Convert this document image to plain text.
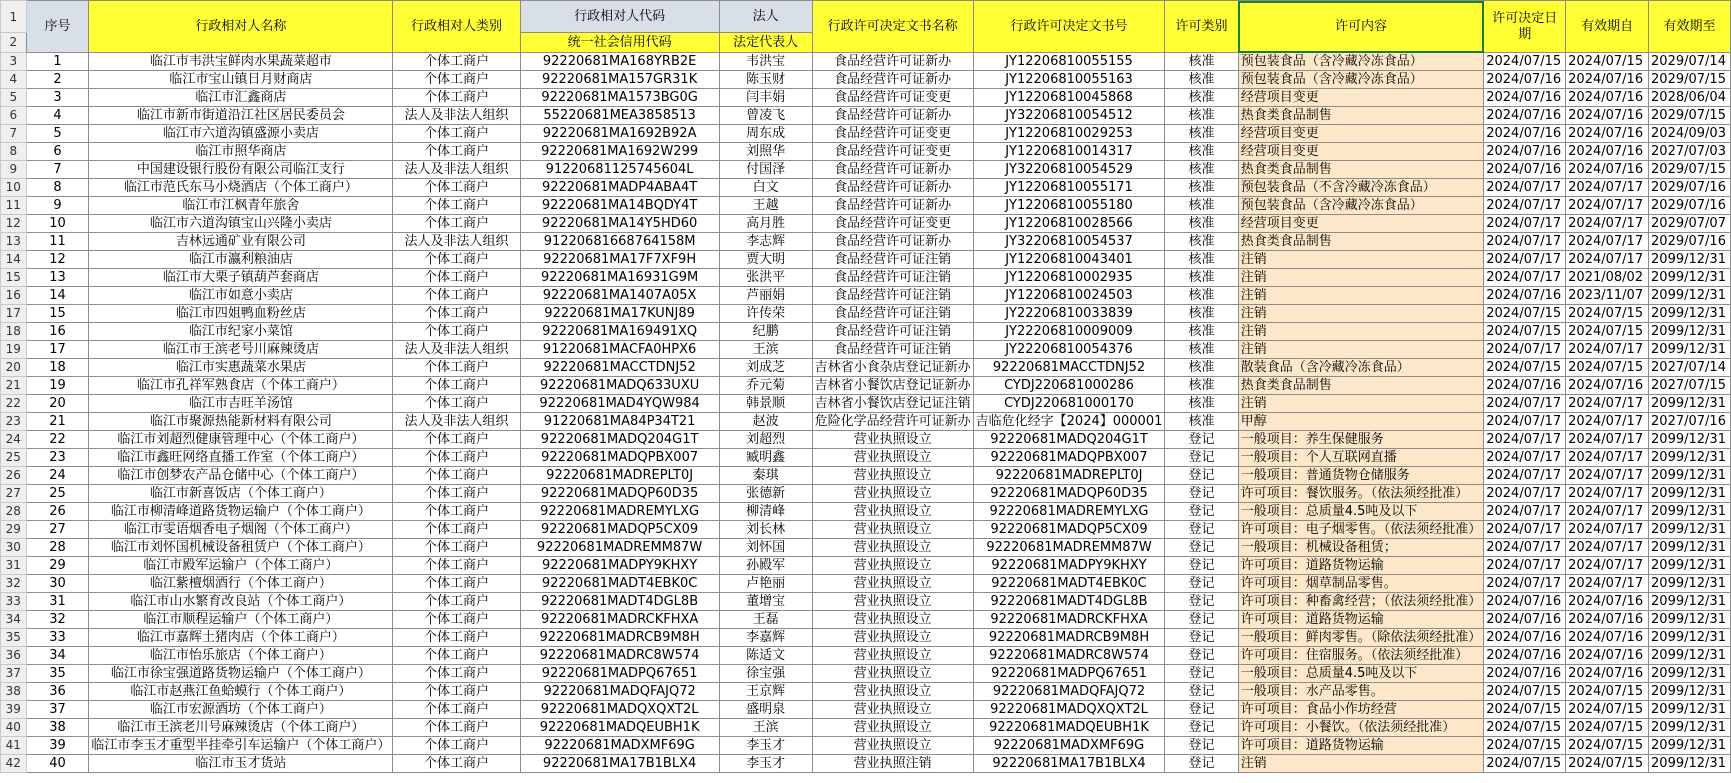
1	序号	行政相对人名称	行政相对人类别	行政相对人代码	法人	行政许可决定文书名称	行政许可决定文书号	许可类别	许可内容	许可决定日期	有效期自	有效期至
2				统一社会信用代码	法定代表人							
3	1	临江市韦洪宝鲜肉水果蔬菜超市	个体工商户	92220681MA168YRB2E	韦洪宝	食品经营许可证新办	JY12206810055155	核准	预包装食品（含冷藏冷冻食品）	2024/07/15	2024/07/15	2029/07/14
4	2	临江市宝山镇日月财商店	个体工商户	92220681MA157GR31K	陈玉财	食品经营许可证新办	JY12206810055163	核准	预包装食品（含冷藏冷冻食品）	2024/07/16	2024/07/16	2029/07/15
5	3	临江市汇鑫商店	个体工商户	92220681MA1573BG0G	闫丰娟	食品经营许可证变更	JY12206810045868	核准	经营项目变更	2024/07/16	2024/07/16	2028/06/04
6	4	临江市新市街道沿江社区居民委员会	法人及非法人组织	55220681MEA3858513	曾凌飞	食品经营许可证新办	JY32206810054512	核准	热食类食品制售	2024/07/16	2024/07/16	2029/07/15
7	5	临江市六道沟镇盛源小卖店	个体工商户	92220681MA1692B92A	周东成	食品经营许可证变更	JY12206810029253	核准	经营项目变更	2024/07/16	2024/07/16	2024/09/03
8	6	临江市照华商店	个体工商户	92220681MA1692W299	刘照华	食品经营许可证变更	JY12206810014317	核准	经营项目变更	2024/07/16	2024/07/16	2027/07/03
9	7	中国建设银行股份有限公司临江支行	法人及非法人组织	91220681125745604L	付国泽	食品经营许可证新办	JY32206810054529	核准	热食类食品制售	2024/07/16	2024/07/16	2029/07/15
10	8	临江市范氏东马小烧酒店（个体工商户）	个体工商户	92220681MADP4ABA4T	白文	食品经营许可证新办	JY12206810055171	核准	预包装食品（不含冷藏冷冻食品）	2024/07/17	2024/07/17	2029/07/16
11	9	临江市江枫青年旅舍	个体工商户	92220681MA14BQDY4T	王越	食品经营许可证新办	JY12206810055180	核准	预包装食品（含冷藏冷冻食品）	2024/07/17	2024/07/17	2029/07/16
12	10	临江市六道沟镇宝山兴隆小卖店	个体工商户	92220681MA14Y5HD60	高月胜	食品经营许可证变更	JY12206810028566	核准	经营项目变更	2024/07/17	2024/07/17	2029/07/07
13	11	吉林远通矿业有限公司	法人及非法人组织	91220681668764158M	李志辉	食品经营许可证新办	JY32206810054537	核准	热食类食品制售	2024/07/17	2024/07/17	2029/07/16
14	12	临江市瀛利粮油店	个体工商户	92220681MA17F7XF9H	贾大明	食品经营许可证注销	JY12206810043401	核准	注销	2024/07/17	2024/07/17	2099/12/31
15	13	临江市大栗子镇葫芦套商店	个体工商户	92220681MA16931G9M	张洪平	食品经营许可证注销	JY12206810002935	核准	注销	2024/07/17	2021/08/02	2099/12/31
16	14	临江市如意小卖店	个体工商户	92220681MA1407A05X	芦丽娟	食品经营许可证注销	JY12206810024503	核准	注销	2024/07/16	2023/11/07	2099/12/31
17	15	临江市四姐鸭血粉丝店	个体工商户	92220681MA17KUNJ89	许传荣	食品经营许可证注销	JY22206810033839	核准	注销	2024/07/15	2024/07/15	2099/12/31
18	16	临江市纪家小菜馆	个体工商户	92220681MA169491XQ	纪鹏	食品经营许可证注销	JY22206810009009	核准	注销	2024/07/15	2024/07/15	2099/12/31
19	17	临江市王滨老号川麻辣烫店	法人及非法人组织	91220681MACFA0HPX6	王滨	食品经营许可证注销	JY22206810054376	核准	注销	2024/07/17	2024/07/17	2099/12/31
20	18	临江市实惠蔬菜水果店	个体工商户	92220681MACCTDNJ52	刘成芝	吉林省小食杂店登记证新办	92220681MACCTDNJ52	核准	散装食品（含冷藏冷冻食品）	2024/07/15	2024/07/15	2027/07/14
21	19	临江市孔祥军熟食店（个体工商户）	个体工商户	92220681MADQ633UXU	乔元菊	吉林省小餐饮店登记证新办	CYDJ220681000286	核准	热食类食品制售	2024/07/16	2024/07/16	2027/07/15
22	20	临江市吉旺羊汤馆	个体工商户	92220681MAD4YQW984	韩景顺	吉林省小餐饮店登记证注销	CYDJ220681000170	核准	注销	2024/07/17	2024/07/17	2099/12/31
23	21	临江市聚源热能新材料有限公司	法人及非法人组织	91220681MA84P34T21	赵波	危险化学品经营许可证新办	吉临危化经字【2024】000001	核准	甲醇	2024/07/17	2024/07/17	2027/07/16
24	22	临江市刘超烈健康管理中心（个体工商户）	个体工商户	92220681MADQ204G1T	刘超烈	营业执照设立	92220681MADQ204G1T	登记	一般项目：养生保健服务	2024/07/17	2024/07/17	2099/12/31
25	23	临江市鑫旺网络直播工作室（个体工商户）	个体工商户	92220681MADQPBX007	臧明鑫	营业执照设立	92220681MADQPBX007	登记	一般项目：个人互联网直播	2024/07/17	2024/07/17	2099/12/31
26	24	临江市创梦农产品仓储中心（个体工商户）	个体工商户	92220681MADREPLT0J	秦琪	营业执照设立	92220681MADREPLT0J	登记	一般项目：普通货物仓储服务	2024/07/17	2024/07/17	2099/12/31
27	25	临江市新喜饭店（个体工商户）	个体工商户	92220681MADQP60D35	张德新	营业执照设立	92220681MADQP60D35	登记	许可项目：餐饮服务。（依法须经批准）	2024/07/17	2024/07/17	2099/12/31
28	26	临江市柳清峰道路货物运输户（个体工商户）	个体工商户	92220681MADREMYLXG	柳清峰	营业执照设立	92220681MADREMYLXG	登记	一般项目：总质量4.5吨及以下	2024/07/17	2024/07/17	2099/12/31
29	27	临江市雯语烟香电子烟阁（个体工商户）	个体工商户	92220681MADQP5CX09	刘长林	营业执照设立	92220681MADQP5CX09	登记	许可项目：电子烟零售。（依法须经批准）	2024/07/17	2024/07/17	2099/12/31
30	28	临江市刘怀国机械设备租赁户（个体工商户）	个体工商户	92220681MADREMM87W	刘怀国	营业执照设立	92220681MADREMM87W	登记	一般项目：机械设备租赁；	2024/07/17	2024/07/17	2099/12/31
31	29	临江市殿军运输户（个体工商户）	个体工商户	92220681MADPY9KHXY	孙殿军	营业执照设立	92220681MADPY9KHXY	登记	许可项目：道路货物运输	2024/07/17	2024/07/17	2099/12/31
32	30	临江紫檀烟酒行（个体工商户）	个体工商户	92220681MADT4EBK0C	卢艳丽	营业执照设立	92220681MADT4EBK0C	登记	许可项目：烟草制品零售。	2024/07/17	2024/07/17	2099/12/31
33	31	临江市山水繁育改良站（个体工商户）	个体工商户	92220681MADT4DGL8B	董增宝	营业执照设立	92220681MADT4DGL8B	登记	许可项目：种畜禽经营；（依法须经批准）	2024/07/16	2024/07/16	2099/12/31
34	32	临江市顺程运输户（个体工商户）	个体工商户	92220681MADRCKFHXA	王磊	营业执照设立	92220681MADRCKFHXA	登记	许可项目：道路货物运输	2024/07/16	2024/07/16	2099/12/31
35	33	临江市嘉辉土猪肉店（个体工商户）	个体工商户	92220681MADRCB9M8H	李嘉辉	营业执照设立	92220681MADRCB9M8H	登记	一般项目：鲜肉零售。（除依法须经批准）	2024/07/16	2024/07/16	2099/12/31
36	34	临江市怡乐旅店（个体工商户）	个体工商户	92220681MADRC8W574	陈适文	营业执照设立	92220681MADRC8W574	登记	许可项目：住宿服务。（依法须经批准）	2024/07/16	2024/07/16	2099/12/31
37	35	临江市徐宝强道路货物运输户（个体工商户）	个体工商户	92220681MADPQ67651	徐宝强	营业执照设立	92220681MADPQ67651	登记	一般项目：总质量4.5吨及以下	2024/07/16	2024/07/16	2099/12/31
38	36	临江市赵燕江鱼蛤蟆行（个体工商户）	个体工商户	92220681MADQFAJQ72	王京辉	营业执照设立	92220681MADQFAJQ72	登记	一般项目：水产品零售。	2024/07/15	2024/07/15	2099/12/31
39	37	临江市宏源酒坊（个体工商户）	个体工商户	92220681MADQXQXT2L	盛明泉	营业执照设立	92220681MADQXQXT2L	登记	许可项目：食品小作坊经营	2024/07/15	2024/07/15	2099/12/31
40	38	临江市王滨老川号麻辣烫店（个体工商户）	个体工商户	92220681MADQEUBH1K	王滨	营业执照设立	92220681MADQEUBH1K	登记	许可项目：小餐饮。（依法须经批准）	2024/07/15	2024/07/15	2099/12/31
41	39	临江市李玉才重型半挂牵引车运输户（个体工商户）	个体工商户	92220681MADXMF69G	李玉才	营业执照设立	92220681MADXMF69G	登记	许可项目：道路货物运输	2024/07/15	2024/07/15	2099/12/31
42	40	临江市玉才货站	个体工商户	92220681MA17B1BLX4	李玉才	营业执照注销	92220681MA17B1BLX4	登记	注销	2024/07/15	2024/07/15	2099/12/31
